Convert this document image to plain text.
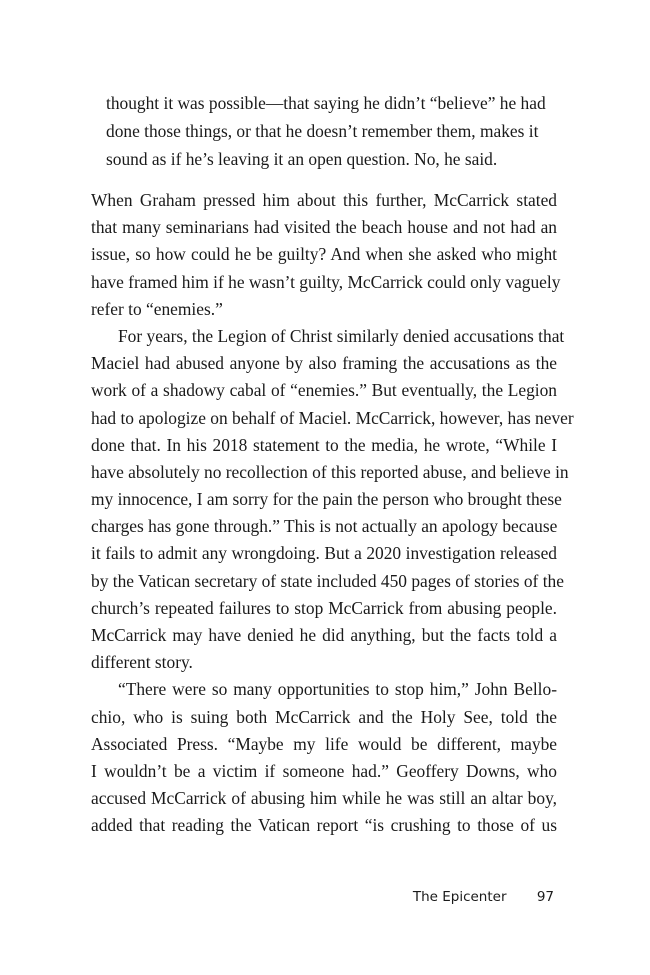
thought it was possible—that saying he didn’t “believe” he had
done those things, or that he doesn’t remember them, makes it
sound as if he’s leaving it an open question. No, he said.
When Graham pressed him about this further, McCarrick stated
that many seminarians had visited the beach house and not had an
issue, so how could he be guilty? And when she asked who might
have framed him if he wasn’t guilty, McCarrick could only vaguely
refer to “enemies.”
For years, the Legion of Christ similarly denied accusations that
Maciel had abused anyone by also framing the accusations as the
work of a shadowy cabal of “enemies.” But eventually, the Legion
had to apologize on behalf of Maciel. McCarrick, however, has never
done that. In his 2018 statement to the media, he wrote, “While I
have absolutely no recollection of this reported abuse, and believe in
my innocence, I am sorry for the pain the person who brought these
charges has gone through.” This is not actually an apology because
it fails to admit any wrongdoing. But a 2020 investigation released
by the Vatican secretary of state included 450 pages of stories of the
church’s repeated failures to stop McCarrick from abusing people.
McCarrick may have denied he did anything, but the facts told a
different story.
“There were so many opportunities to stop him,” John Bello-
chio, who is suing both McCarrick and the Holy See, told the
Associated Press. “Maybe my life would be different, maybe
I wouldn’t be a victim if someone had.” Geoffery Downs, who
accused McCarrick of abusing him while he was still an altar boy,
added that reading the Vatican report “is crushing to those of us
The Epicenter 97
